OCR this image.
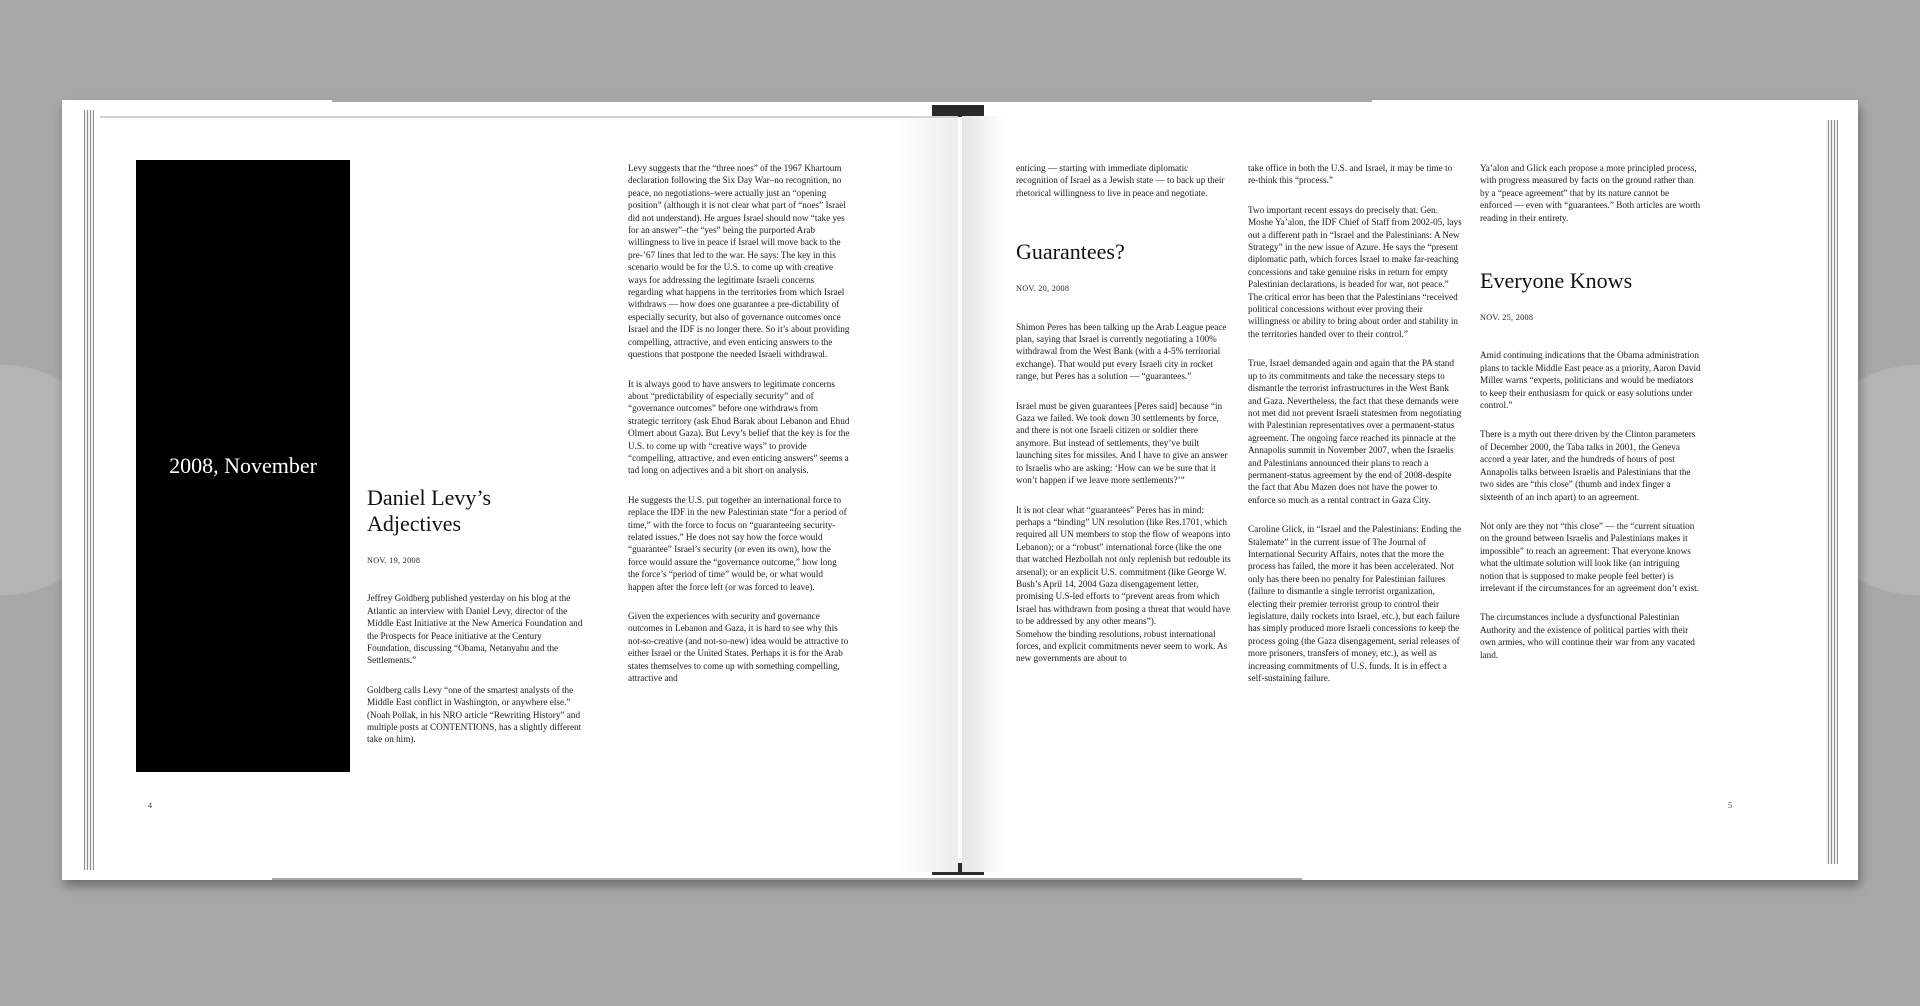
2008, November
Daniel Levy’s
Adjectives
NOV. 19, 2008

Jeffrey Goldberg published yesterday on his blog at the Atlantic an interview with Daniel Levy, director of the Middle East Initiative at the New America Foundation and the Prospects for Peace initiative at the Century Foundation, discussing “Obama, Netanyahu and the Settlements.”

Goldberg calls Levy “one of the smartest analysts of the Middle East conflict in Washington, or anywhere else.” (Noah Pollak, in his NRO article “Rewriting History” and multiple posts at CONTENTIONS, has a slightly different take on him).

Levy suggests that the “three noes” of the 1967 Khartoum declaration following the Six Day War–no recognition, no peace, no negotiations–were actually just an “opening position” (although it is not clear what part of “noes” Israel did not understand). He argues Israel should now “take yes for an answer”–the “yes” being the purported Arab willingness to live in peace if Israel will move back to the pre-’67 lines that led to the war. He says: The key in this scenario would be for the U.S. to come up with creative ways for addressing the legitimate Israeli concerns regarding what happens in the territories from which Israel withdraws — how does one guarantee a pre-dictability of especially security, but also of governance outcomes once Israel and the IDF is no longer there. So it’s about providing compelling, attractive, and even enticing answers to the questions that postpone the needed Israeli withdrawal.

It is always good to have answers to legitimate concerns about “predictability of especially security” and of “governance outcomes” before one withdraws from strategic territory (ask Ehud Barak about Lebanon and Ehud Olmert about Gaza). But Levy’s belief that the key is for the U.S. to come up with “creative ways” to provide “compelling, attractive, and even enticing answers” seems a tad long on adjectives and a bit short on analysis.

He suggests the U.S. put together an international force to replace the IDF in the new Palestinian state “for a period of time,” with the force to focus on “guaranteeing security-related issues.” He does not say how the force would “guarantee” Israel’s security (or even its own), how the force would assure the “governance outcome,” how long the force’s “period of time” would be, or what would happen after the force left (or was forced to leave).

Given the experiences with security and governance outcomes in Lebanon and Gaza, it is hard to see why this not-so-creative (and not-so-new) idea would be attractive to either Israel or the United States. Perhaps it is for the Arab states themselves to come up with something compelling, attractive and

4

enticing — starting with immediate diplomatic recognition of Israel as a Jewish state — to back up their rhetorical willingness to live in peace and negotiate.

Guarantees?
NOV. 20, 2008

Shimon Peres has been talking up the Arab League peace plan, saying that Israel is currently negotiating a 100% withdrawal from the West Bank (with a 4-5% territorial exchange). That would put every Israeli city in rocket range, but Peres has a solution — “guarantees.”

Israel must be given guarantees [Peres said] because “in Gaza we failed. We took down 30 settlements by force, and there is not one Israeli citizen or soldier there anymore. But instead of settlements, they’ve built launching sites for missiles. And I have to give an answer to Israelis who are asking: ‘How can we be sure that it won’t happen if we leave more settlements?’”

It is not clear what “guarantees” Peres has in mind: perhaps a “binding” UN resolution (like Res.1701, which required all UN members to stop the flow of weapons into Lebanon); or a “robust” international force (like the one that watched Hezbollah not only replenish but redouble its arsenal); or an explicit U.S. commitment (like George W. Bush’s April 14, 2004 Gaza disengagement letter, promising U.S-led efforts to “prevent areas from which Israel has withdrawn from posing a threat that would have to be addressed by any other means”).

Somehow the binding resolutions, robust international forces, and explicit commitments never seem to work. As new governments are about to

take office in both the U.S. and Israel, it may be time to re-think this “process.”

Two important recent essays do precisely that. Gen. Moshe Ya’alon, the IDF Chief of Staff from 2002-05, lays out a different path in “Israel and the Palestinians: A New Strategy” in the new issue of Azure. He says the “present diplomatic path, which forces Israel to make far-reaching concessions and take genuine risks in return for empty Palestinian declarations, is headed for war, not peace.” The critical error has been that the Palestinians “received political concessions without ever proving their willingness or ability to bring about order and stability in the territories handed over to their control.”

True, Israel demanded again and again that the PA stand up to its commitments and take the necessary steps to dismantle the terrorist infrastructures in the West Bank and Gaza. Nevertheless, the fact that these demands were not met did not prevent Israeli statesmen from negotiating with Palestinian representatives over a permanent-status agreement. The ongoing farce reached its pinnacle at the Annapolis summit in November 2007, when the Israelis and Palestinians announced their plans to reach a permanent-status agreement by the end of 2008-despite the fact that Abu Mazen does not have the power to enforce so much as a rental contract in Gaza City.

Caroline Glick, in “Israel and the Palestinians: Ending the Stalemate” in the current issue of The Journal of International Security Affairs, notes that the more the process has failed, the more it has been accelerated. Not only has there been no penalty for Palestinian failures (failure to dismantle a single terrorist organization, electing their premier terrorist group to control their legislature, daily rockets into Israel, etc.), but each failure has simply produced more Israeli concessions to keep the process going (the Gaza disengagement, serial releases of more prisoners, transfers of money, etc.), as well as increasing commitments of U.S. funds. It is in effect a self-sustaining failure.

Ya’alon and Glick each propose a more principled process, with progress measured by facts on the ground rather than by a “peace agreement” that by its nature cannot be enforced — even with “guarantees.” Both articles are worth reading in their entirety.

Everyone Knows
NOV. 25, 2008

Amid continuing indications that the Obama administration plans to tackle Middle East peace as a priority, Aaron David Miller warns “experts, politicians and would be mediators to keep their enthusiasm for quick or easy solutions under control.”

There is a myth out there driven by the Clinton parameters of December 2000, the Taba talks in 2001, the Geneva accord a year later, and the hundreds of hours of post Annapolis talks between Israelis and Palestinians that the two sides are “this close” (thumb and index finger a sixteenth of an inch apart) to an agreement.

Not only are they not “this close” — the “current situation on the ground between Israelis and Palestinians makes it impossible” to reach an agreement: That everyone knows what the ultimate solution will look like (an intriguing notion that is supposed to make people feel better) is irrelevant if the circumstances for an agreement don’t exist.

The circumstances include a dysfunctional Palestinian Authority and the existence of political parties with their own armies, who will continue their war from any vacated land.

5
